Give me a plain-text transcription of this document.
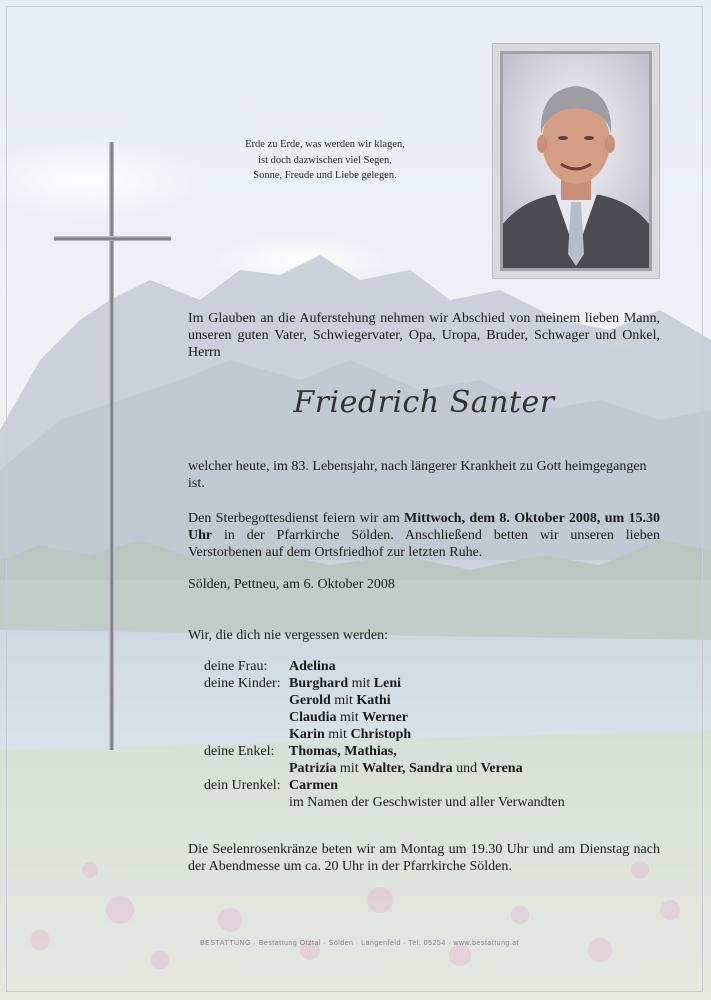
Erde zu Erde, was werden wir klagen,
ist doch dazwischen viel Segen,
Sonne, Freude und Liebe gelegen.
Im Glauben an die Auferstehung nehmen wir Abschied von meinem lieben Mann, unseren guten Vater, Schwiegervater, Opa, Uropa, Bruder, Schwager und Onkel, Herrn
Friedrich Santer
welcher heute, im 83. Lebensjahr, nach längerer Krankheit zu Gott heimgegangen ist.
Den Sterbegottesdienst feiern wir am Mittwoch, dem 8. Oktober 2008, um 15.30 Uhr in der Pfarrkirche Sölden. Anschließend betten wir unseren lieben Verstorbenen auf dem Ortsfriedhof zur letzten Ruhe.
Sölden, Pettneu, am 6. Oktober 2008
Wir, die dich nie vergessen werden:
deine Frau: Adelina
deine Kinder: Burghard mit Leni
Gerold mit Kathi
Claudia mit Werner
Karin mit Christoph
deine Enkel: Thomas, Mathias,
Patrizia mit Walter, Sandra und Verena
dein Urenkel: Carmen
im Namen der Geschwister und aller Verwandten
Die Seelenrosenkränze beten wir am Montag um 19.30 Uhr und am Dienstag nach der Abendmesse um ca. 20 Uhr in der Pfarrkirche Sölden.
BESTATTUNG · Bestattung Ötztal · Sölden · Längenfeld · Tel. 05254 · www.bestattung.at
